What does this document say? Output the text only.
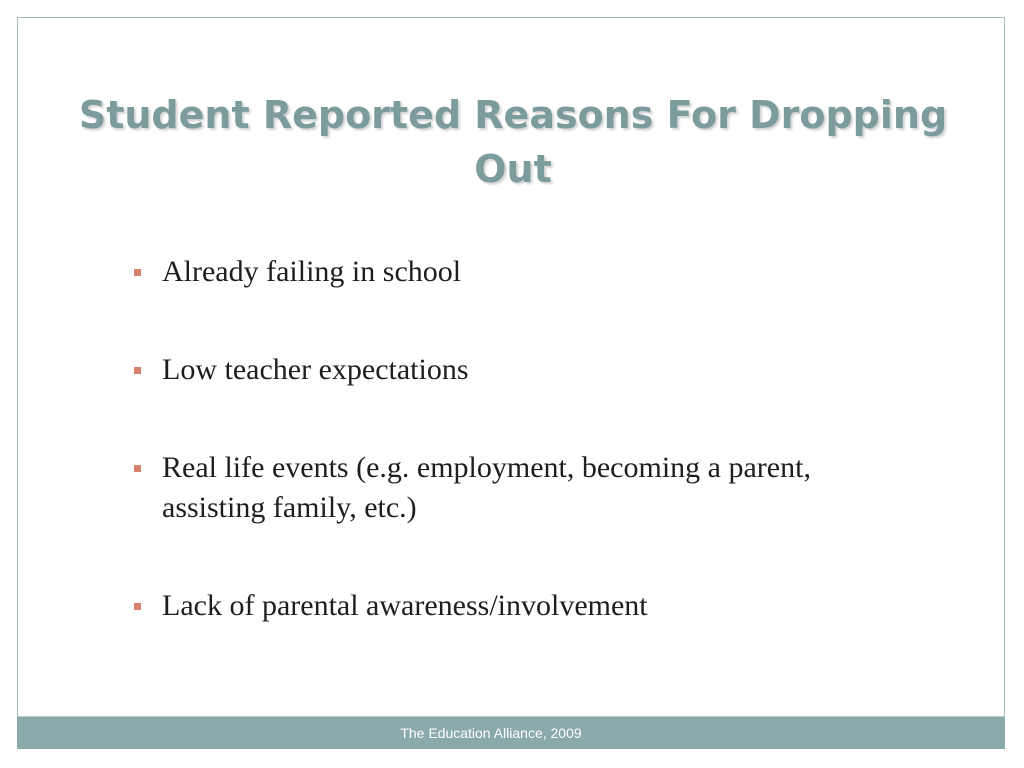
Student Reported Reasons For Dropping Out
Already failing in school
Low teacher expectations
Real life events (e.g. employment, becoming a parent, assisting family, etc.)
Lack of parental awareness/involvement
The Education Alliance, 2009
